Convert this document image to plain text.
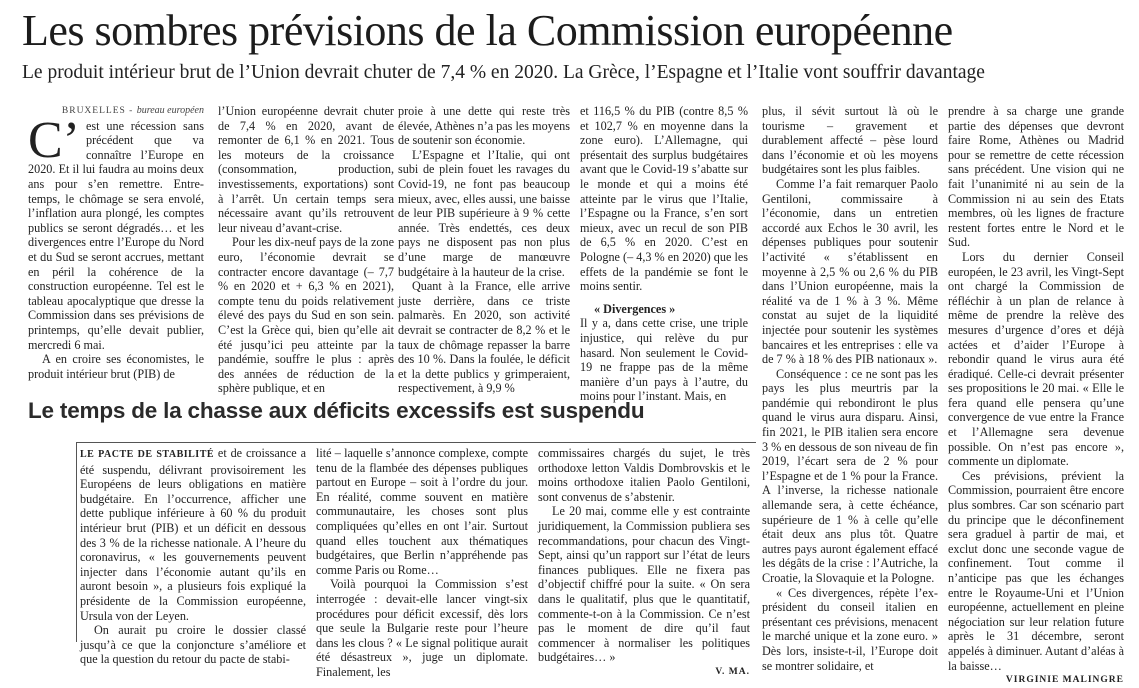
Les sombres prévisions de la Commission européenne

Le produit intérieur brut de l’Union devrait chuter de 7,4 % en 2020. La Grèce, l’Espagne et l’Italie vont souffrir davantage

BRUXELLES - bureau européen

C’ est une récession sans précédent que va connaître l’Europe en 2020. Et il lui faudra au moins deux ans pour s’en remettre. Entre-temps, le chômage se sera envolé, l’inflation aura plongé, les comptes publics se seront dégradés… et les divergences entre l’Europe du Nord et du Sud se seront accrues, mettant en péril la cohérence de la construction européenne. Tel est le tableau apocalyptique que dresse la Commission dans ses prévisions de printemps, qu’elle devait publier, mercredi 6 mai.

A en croire ses économistes, le produit intérieur brut (PIB) de

l’Union européenne devrait chuter de 7,4 % en 2020, avant de remonter de 6,1 % en 2021. Tous les moteurs de la croissance (consommation, production, investissements, exportations) sont à l’arrêt. Un certain temps sera nécessaire avant qu’ils retrouvent leur niveau d’avant-crise.

Pour les dix-neuf pays de la zone euro, l’économie devrait se contracter encore davantage (– 7,7 % en 2020 et + 6,3 % en 2021), compte tenu du poids relativement élevé des pays du Sud en son sein. C’est la Grèce qui, bien qu’elle ait été jusqu’ici peu atteinte par la pandémie, souffre le plus : après des années de réduction de la sphère publique, et en

proie à une dette qui reste très élevée, Athènes n’a pas les moyens de soutenir son économie.

L’Espagne et l’Italie, qui ont subi de plein fouet les ravages du Covid-19, ne font pas beaucoup mieux, avec, elles aussi, une baisse de leur PIB supérieure à 9 % cette année. Très endettés, ces deux pays ne disposent pas non plus d’une marge de manœuvre budgétaire à la hauteur de la crise.

Quant à la France, elle arrive juste derrière, dans ce triste palmarès. En 2020, son activité devrait se contracter de 8,2 % et le taux de chômage repasser la barre des 10 %. Dans la foulée, le déficit et la dette publics y grimperaient, respectivement, à 9,9 %

et 116,5 % du PIB (contre 8,5 % et 102,7 % en moyenne dans la zone euro). L’Allemagne, qui présentait des surplus budgétaires avant que le Covid-19 s’abatte sur le monde et qui a moins été atteinte par le virus que l’Italie, l’Espagne ou la France, s’en sort mieux, avec un recul de son PIB de 6,5 % en 2020. C’est en Pologne (– 4,3 % en 2020) que les effets de la pandémie se font le moins sentir.

« Divergences »

Il y a, dans cette crise, une triple injustice, qui relève du pur hasard. Non seulement le Covid-19 ne frappe pas de la même manière d’un pays à l’autre, du moins pour l’instant. Mais, en

plus, il sévit surtout là où le tourisme – gravement et durablement affecté – pèse lourd dans l’économie et où les moyens budgétaires sont les plus faibles.

Comme l’a fait remarquer Paolo Gentiloni, commissaire à l’économie, dans un entretien accordé aux Echos le 30 avril, les dépenses publiques pour soutenir l’activité « s’établissent en moyenne à 2,5 % ou 2,6 % du PIB dans l’Union européenne, mais la réalité va de 1 % à 3 %. Même constat au sujet de la liquidité injectée pour soutenir les systèmes bancaires et les entreprises : elle va de 7 % à 18 % des PIB nationaux ».

Conséquence : ce ne sont pas les pays les plus meurtris par la pandémie qui rebondiront le plus quand le virus aura disparu. Ainsi, fin 2021, le PIB italien sera encore 3 % en dessous de son niveau de fin 2019, l’écart sera de 2 % pour l’Espagne et de 1 % pour la France. A l’inverse, la richesse nationale allemande sera, à cette échéance, supérieure de 1 % à celle qu’elle était deux ans plus tôt. Quatre autres pays auront également effacé les dégâts de la crise : l’Autriche, la Croatie, la Slovaquie et la Pologne.

« Ces divergences, répète l’ex-président du conseil italien en présentant ces prévisions, menacent le marché unique et la zone euro. » Dès lors, insiste-t-il, l’Europe doit se montrer solidaire, et

prendre à sa charge une grande partie des dépenses que devront faire Rome, Athènes ou Madrid pour se remettre de cette récession sans précédent. Une vision qui ne fait l’unanimité ni au sein de la Commission ni au sein des Etats membres, où les lignes de fracture restent fortes entre le Nord et le Sud.

Lors du dernier Conseil européen, le 23 avril, les Vingt-Sept ont chargé la Commission de réfléchir à un plan de relance à même de prendre la relève des mesures d’urgence d’ores et déjà actées et d’aider l’Europe à rebondir quand le virus aura été éradiqué. Celle-ci devrait présenter ses propositions le 20 mai. « Elle le fera quand elle pensera qu’une convergence de vue entre la France et l’Allemagne sera devenue possible. On n’est pas encore », commente un diplomate.

Ces prévisions, prévient la Commission, pourraient être encore plus sombres. Car son scénario part du principe que le déconfinement sera graduel à partir de mai, et exclut donc une seconde vague de confinement. Tout comme il n’anticipe pas que les échanges entre le Royaume-Uni et l’Union européenne, actuellement en pleine négociation sur leur relation future après le 31 décembre, seront appelés à diminuer. Autant d’aléas à la baisse…

VIRGINIE MALINGRE

Le temps de la chasse aux déficits excessifs est suspendu

LE PACTE DE STABILITÉ et de croissance a été suspendu, délivrant provisoirement les Européens de leurs obligations en matière budgétaire. En l’occurrence, afficher une dette publique inférieure à 60 % du produit intérieur brut (PIB) et un déficit en dessous des 3 % de la richesse nationale. A l’heure du coronavirus, « les gouvernements peuvent injecter dans l’économie autant qu’ils en auront besoin », a plusieurs fois expliqué la présidente de la Commission européenne, Ursula von der Leyen.

On aurait pu croire le dossier classé jusqu’à ce que la conjoncture s’améliore et que la question du retour du pacte de stabi-

lité – laquelle s’annonce complexe, compte tenu de la flambée des dépenses publiques partout en Europe – soit à l’ordre du jour. En réalité, comme souvent en matière communautaire, les choses sont plus compliquées qu’elles en ont l’air. Surtout quand elles touchent aux thématiques budgétaires, que Berlin n’appréhende pas comme Paris ou Rome…

Voilà pourquoi la Commission s’est interrogée : devait-elle lancer vingt-six procédures pour déficit excessif, dès lors que seule la Bulgarie reste pour l’heure dans les clous ? « Le signal politique aurait été désastreux », juge un diplomate. Finalement, les

commissaires chargés du sujet, le très orthodoxe letton Valdis Dombrovskis et le moins orthodoxe italien Paolo Gentiloni, sont convenus de s’abstenir.

Le 20 mai, comme elle y est contrainte juridiquement, la Commission publiera ses recommandations, pour chacun des Vingt-Sept, ainsi qu’un rapport sur l’état de leurs finances publiques. Elle ne fixera pas d’objectif chiffré pour la suite. « On sera dans le qualitatif, plus que le quantitatif, commente-t-on à la Commission. Ce n’est pas le moment de dire qu’il faut commencer à normaliser les politiques budgétaires… »

V. MA.
